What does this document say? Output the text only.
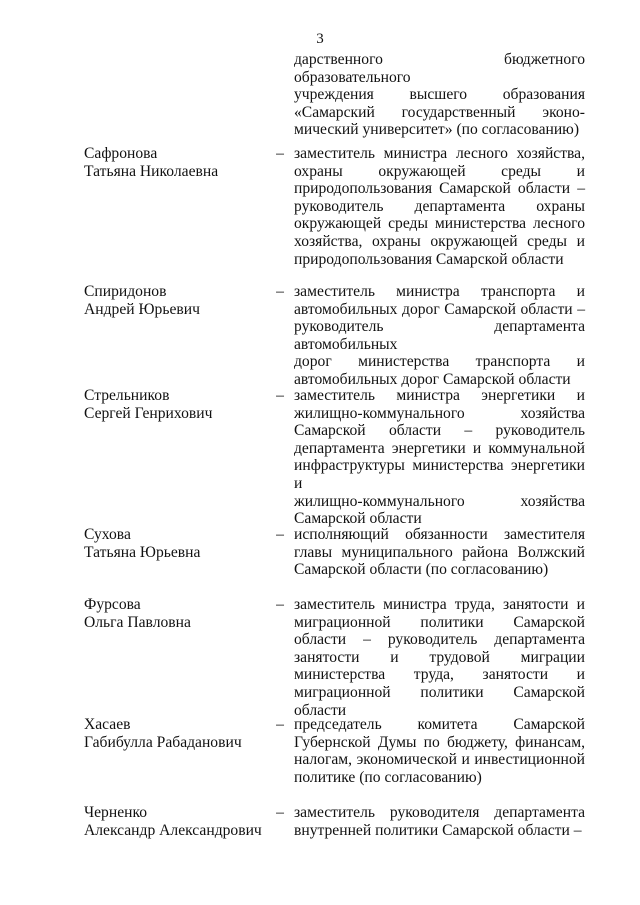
3
дарственного бюджетного образовательного
учреждения высшего образования
«Самарский государственный эконо-
мический университет» (по согласованию)
Сафронова
Татьяна Николаевна
– заместитель министра лесного хозяйства,
охраны окружающей среды и
природопользования Самарской области –
руководитель департамента охраны
окружающей среды министерства лесного
хозяйства, охраны окружающей среды и
природопользования Самарской области
Спиридонов
Андрей Юрьевич
– заместитель министра транспорта и
автомобильных дорог Самарской области –
руководитель департамента автомобильных
дорог министерства транспорта и
автомобильных дорог Самарской области
Стрельников
Сергей Генрихович
– заместитель министра энергетики и
жилищно-коммунального хозяйства
Самарской области – руководитель
департамента энергетики и коммунальной
инфраструктуры министерства энергетики и
жилищно-коммунального хозяйства
Самарской области
Сухова
Татьяна Юрьевна
– исполняющий обязанности заместителя
главы муниципального района Волжский
Самарской области (по согласованию)
Фурсова
Ольга Павловна
– заместитель министра труда, занятости и
миграционной политики Самарской
области – руководитель департамента
занятости и трудовой миграции
министерства труда, занятости и
миграционной политики Самарской области
Хасаев
Габибулла Рабаданович
– председатель комитета Самарской
Губернской Думы по бюджету, финансам,
налогам, экономической и инвестиционной
политике (по согласованию)
Черненко
Александр Александрович
– заместитель руководителя департамента
внутренней политики Самарской области –
